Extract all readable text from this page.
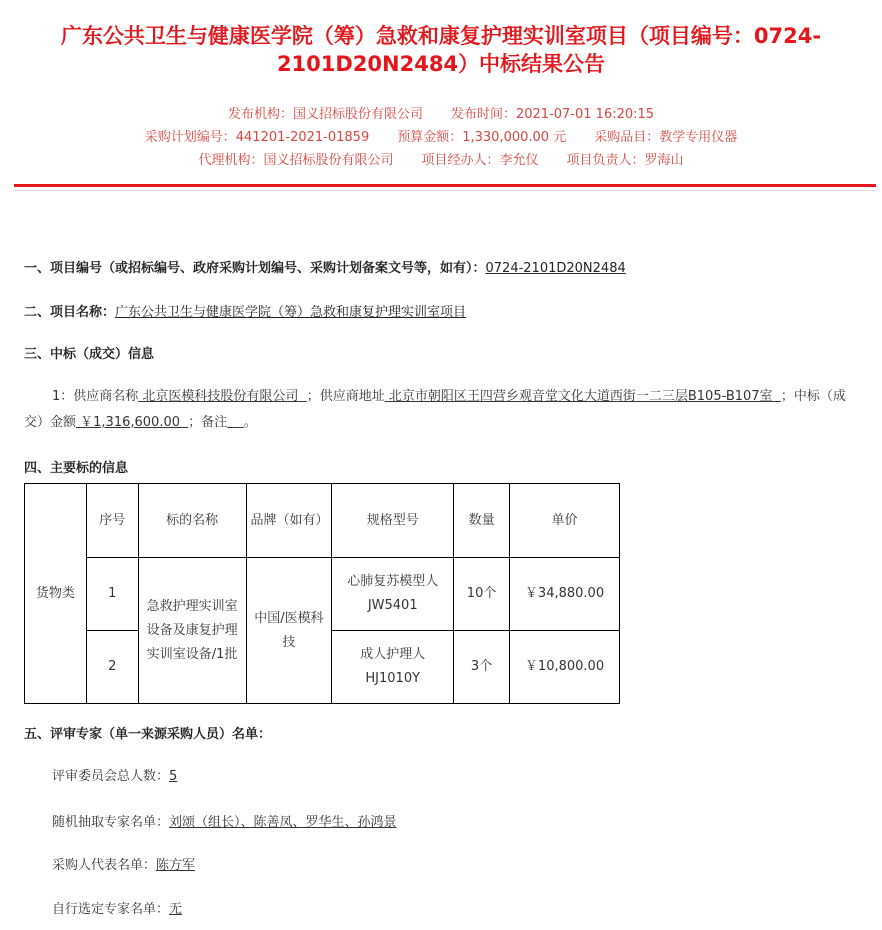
广东公共卫生与健康医学院（筹）急救和康复护理实训室项目（项目编号：0724-
2101D20N2484）中标结果公告
发布机构：国义招标股份有限公司 发布时间：2021-07-01 16:20:15
采购计划编号：441201-2021-01859 预算金额：1,330,000.00 元 采购品目：教学专用仪器
代理机构：国义招标股份有限公司 项目经办人：李允仪 项目负责人：罗海山
一、项目编号（或招标编号、政府采购计划编号、采购计划备案文号等，如有）：0724-2101D20N2484
二、项目名称：广东公共卫生与健康医学院（筹）急救和康复护理实训室项目
三、中标（成交）信息
1：供应商名称 北京医模科技股份有限公司 ；供应商地址 北京市朝阳区王四营乡观音堂文化大道西街一二三层B105-B107室 ；中标（成交）金额 ￥1,316,600.00 ；备注 。
四、主要标的信息
货物类	序号	标的名称	品牌（如有）	规格型号	数量	单价
	1	急救护理实训室设备及康复护理实训室设备/1批	中国/医模科技	心肺复苏模型人JW5401	10个	￥34,880.00
	2			成人护理人HJ1010Y	3个	￥10,800.00
五、评审专家（单一来源采购人员）名单：
评审委员会总人数：5
随机抽取专家名单：刘颂（组长）、陈善凤、罗华生、孙鸿景
采购人代表名单：陈方军
自行选定专家名单：无
